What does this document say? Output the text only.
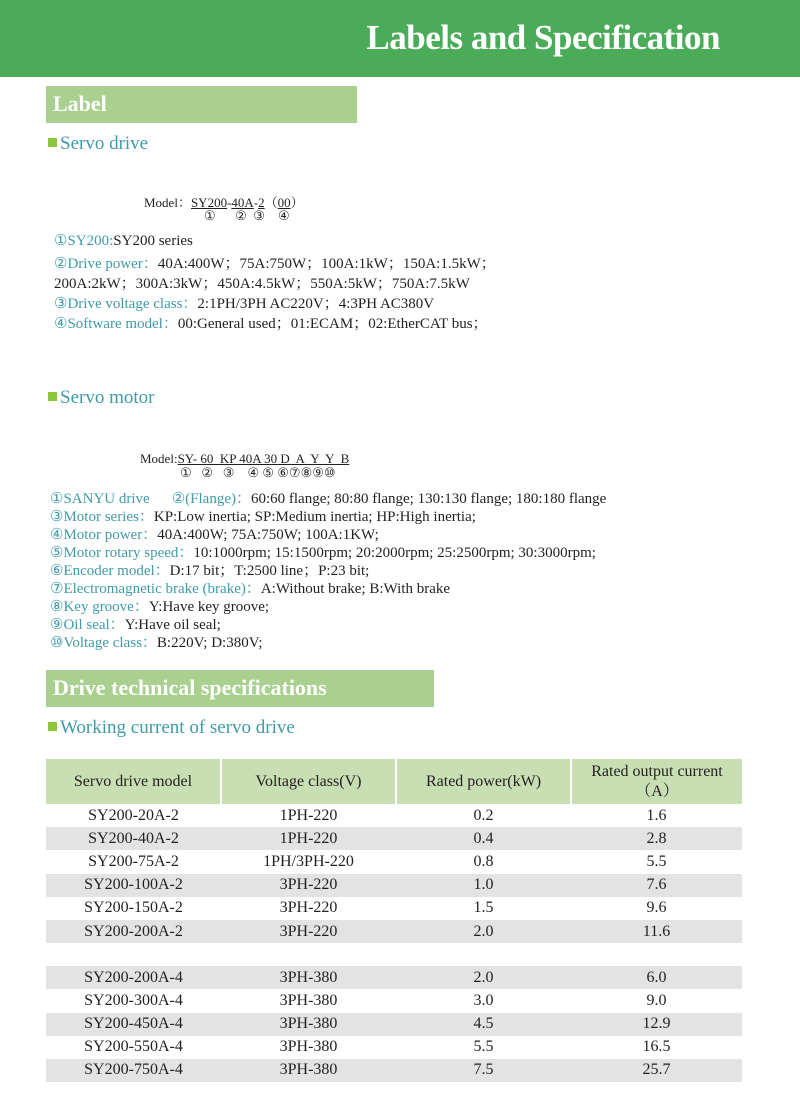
Labels and Specification
Label
Servo drive
Model：SY200-40A-2（00）
①      ②  ③    ④
①SY200:SY200 series
②Drive power：40A:400W；75A:750W；100A:1kW；150A:1.5kW；
200A:2kW；300A:3kW；450A:4.5kW；550A:5kW；750A:7.5kW
③Drive voltage class：2:1PH/3PH AC220V；4:3PH AC380V
④Software model：00:General used；01:ECAM；02:EtherCAT bus；
Servo motor
Model:SY- 60  KP 40A 30 D  A  Y  Y  B
①   ②   ③    ④ ⑤ ⑥⑦⑧⑨⑩
①SANYU drive ②(Flange)：60:60 flange; 80:80 flange; 130:130 flange; 180:180 flange
③Motor series：KP:Low inertia; SP:Medium inertia; HP:High inertia;
④Motor power：40A:400W; 75A:750W; 100A:1KW;
⑤Motor rotary speed：10:1000rpm; 15:1500rpm; 20:2000rpm; 25:2500rpm; 30:3000rpm;
⑥Encoder model：D:17 bit；T:2500 line；P:23 bit;
⑦Electromagnetic brake (brake)：A:Without brake; B:With brake
⑧Key groove：Y:Have key groove;
⑨Oil seal：Y:Have oil seal;
⑩Voltage class：B:220V; D:380V;
Drive technical specifications
Working current of servo drive
Servo drive model	Voltage class(V)	Rated power(kW)	Rated output current
（A）
SY200-20A-2	1PH-220	0.2	1.6
SY200-40A-2	1PH-220	0.4	2.8
SY200-75A-2	1PH/3PH-220	0.8	5.5
SY200-100A-2	3PH-220	1.0	7.6
SY200-150A-2	3PH-220	1.5	9.6
SY200-200A-2	3PH-220	2.0	11.6

SY200-200A-4	3PH-380	2.0	6.0
SY200-300A-4	3PH-380	3.0	9.0
SY200-450A-4	3PH-380	4.5	12.9
SY200-550A-4	3PH-380	5.5	16.5
SY200-750A-4	3PH-380	7.5	25.7
